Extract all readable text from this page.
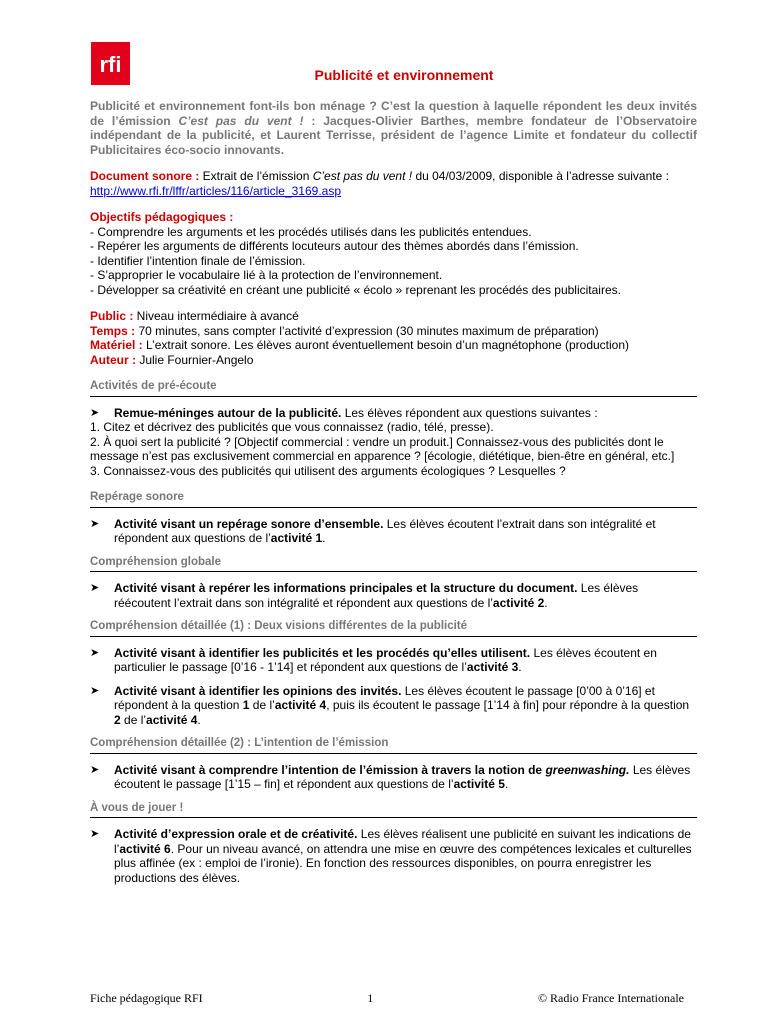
rfi	Publicité et environnement

Publicité et environnement font-ils bon ménage ? C’est la question à laquelle répondent les deux invités de l’émission C’est pas du vent ! : Jacques-Olivier Barthes, membre fondateur de l’Observatoire indépendant de la publicité, et Laurent Terrisse, président de l’agence Limite et fondateur du collectif Publicitaires éco-socio innovants.

Document sonore : Extrait de l’émission C’est pas du vent ! du 04/03/2009, disponible à l’adresse suivante : http://www.rfi.fr/lffr/articles/116/article_3169.asp

Objectifs pédagogiques :

- Comprendre les arguments et les procédés utilisés dans les publicités entendues.

- Repérer les arguments de différents locuteurs autour des thèmes abordés dans l’émission.

- Identifier l’intention finale de l’émission.

- S’approprier le vocabulaire lié à la protection de l’environnement.

- Développer sa créativité en créant une publicité « écolo » reprenant les procédés des publicitaires.

Public : Niveau intermédiaire à avancé

Temps : 70 minutes, sans compter l’activité d’expression (30 minutes maximum de préparation)

Matériel : L’extrait sonore. Les élèves auront éventuellement besoin d’un magnétophone (production)

Auteur : Julie Fournier-Angelo

Activités de pré-écoute
➤	Remue-méninges autour de la publicité. Les élèves répondent aux questions suivantes :

1. Citez et décrivez des publicités que vous connaissez (radio, télé, presse).

2. À quoi sert la publicité ? [Objectif commercial : vendre un produit.] Connaissez-vous des publicités dont le message n’est pas exclusivement commercial en apparence ? [écologie, diététique, bien-être en général, etc.]

3. Connaissez-vous des publicités qui utilisent des arguments écologiques ? Lesquelles ?

Repérage sonore
➤	Activité visant un repérage sonore d’ensemble. Les élèves écoutent l’extrait dans son intégralité et répondent aux questions de l’activité 1.
Compréhension globale
➤	Activité visant à repérer les informations principales et la structure du document. Les élèves réécoutent l’extrait dans son intégralité et répondent aux questions de l’activité 2.
Compréhension détaillée (1) : Deux visions différentes de la publicité
➤	Activité visant à identifier les publicités et les procédés qu’elles utilisent. Les élèves écoutent en particulier le passage [0’16 - 1’14] et répondent aux questions de l’activité 3.
➤	Activité visant à identifier les opinions des invités. Les élèves écoutent le passage [0’00 à 0’16] et répondent à la question 1 de l’activité 4, puis ils écoutent le passage [1’14 à fin] pour répondre à la question 2 de l’activité 4.
Compréhension détaillée (2) : L’intention de l’émission
➤	Activité visant à comprendre l’intention de l’émission à travers la notion de greenwashing. Les élèves écoutent le passage [1’15 – fin] et répondent aux questions de l’activité 5.
À vous de jouer !
➤	Activité d’expression orale et de créativité. Les élèves réalisent une publicité en suivant les indications de l’activité 6. Pour un niveau avancé, on attendra une mise en œuvre des compétences lexicales et culturelles plus affinée (ex : emploi de l’ironie). En fonction des ressources disponibles, on pourra enregistrer les productions des élèves.
Fiche pédagogique RFI	1	© Radio France Internationale
